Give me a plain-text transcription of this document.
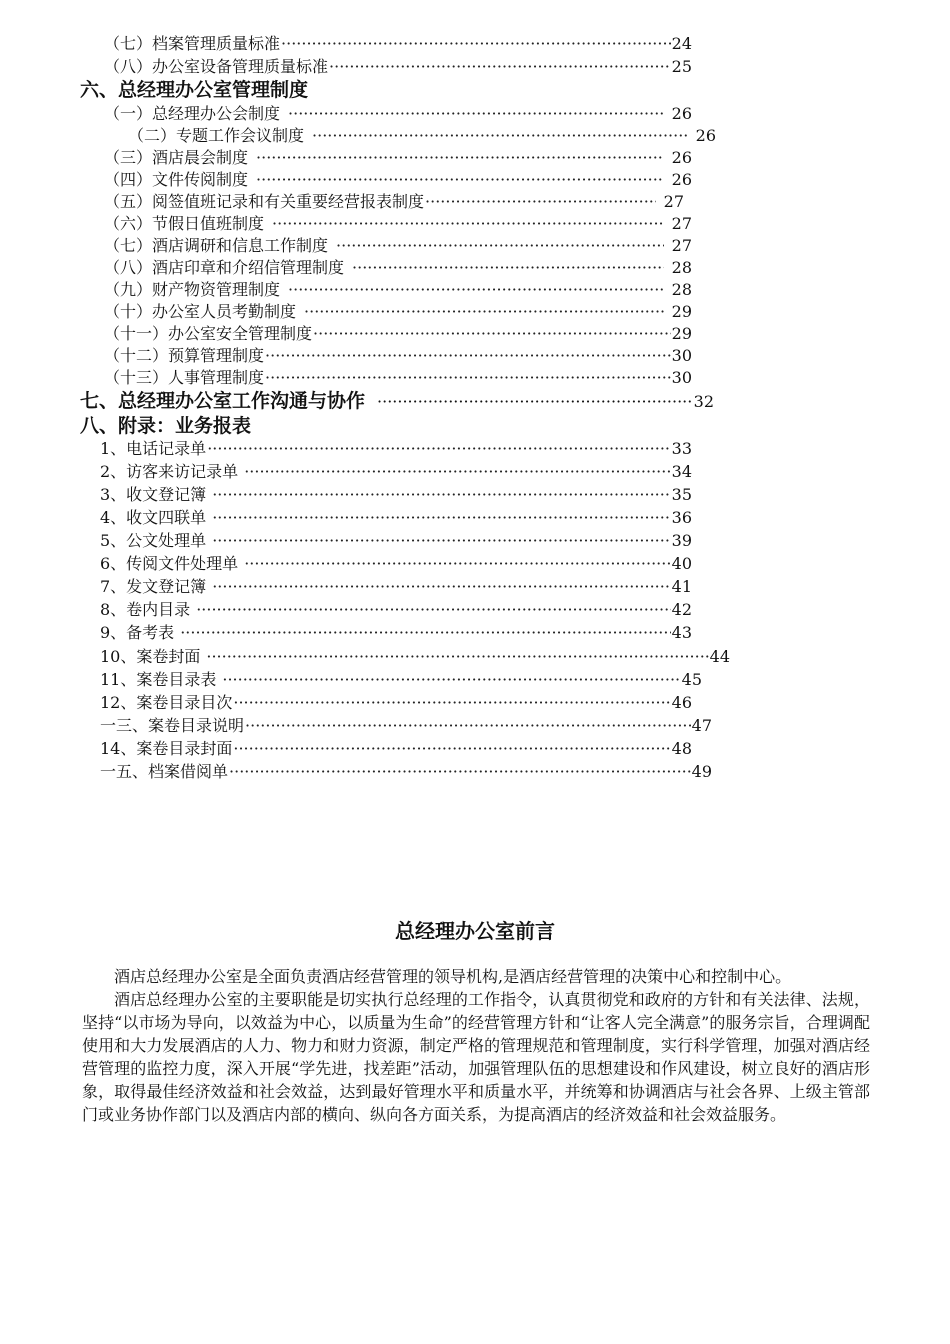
（七）档案管理质量标准 ·····	24
（八）办公室设备管理质量标准 ·····	25
六、总经理办公室管理制度
（一）总经理办公会制度 ·····	26
（二）专题工作会议制度 ·····	26
（三）酒店晨会制度 ·····	26
（四）文件传阅制度 ·····	26
（五）阅签值班记录和有关重要经营报表制度 ·····	27
（六）节假日值班制度 ·····	27
（七）酒店调研和信息工作制度 ·····	27
（八）酒店印章和介绍信管理制度 ·····	28
（九）财产物资管理制度 ·····	28
（十）办公室人员考勤制度 ·····	29
（十一）办公室安全管理制度 ·····	29
（十二）预算管理制度 ·····	30
（十三）人事管理制度 ·····	30
七、总经理办公室工作沟通与协作 ·····	32
八、附录：业务报表
1、电话记录单 ·····	33
2、访客来访记录单 ·····	34
3、收文登记簿 ·····	35
4、收文四联单 ·····	36
5、公文处理单 ·····	39
6、传阅文件处理单 ·····	40
7、发文登记簿 ·····	41
8、卷内目录 ·····	42
9、备考表 ·····	43
10、案卷封面 ·····	44
11、案卷目录表 ·····	45
12、案卷目录目次 ·····	46
一三、案卷目录说明 ·····	47
14、案卷目录封面 ·····	48
一五、档案借阅单 ·····	49
总经理办公室前言

酒店总经理办公室是全面负责酒店经营管理的领导机构,是酒店经营管理的决策中心和控制中心。

酒店总经理办公室的主要职能是切实执行总经理的工作指令，认真贯彻党和政府的方针和有关法律、法规，坚持“以市场为导向，以效益为中心，以质量为生命”的经营管理方针和“让客人完全满意”的服务宗旨，合理调配使用和大力发展酒店的人力、物力和财力资源，制定严格的管理规范和管理制度，实行科学管理，加强对酒店经营管理的监控力度，深入开展“学先进，找差距”活动，加强管理队伍的思想建设和作风建设，树立良好的酒店形象，取得最佳经济效益和社会效益，达到最好管理水平和质量水平，并统筹和协调酒店与社会各界、上级主管部门或业务协作部门以及酒店内部的横向、纵向各方面关系，为提高酒店的经济效益和社会效益服务。
